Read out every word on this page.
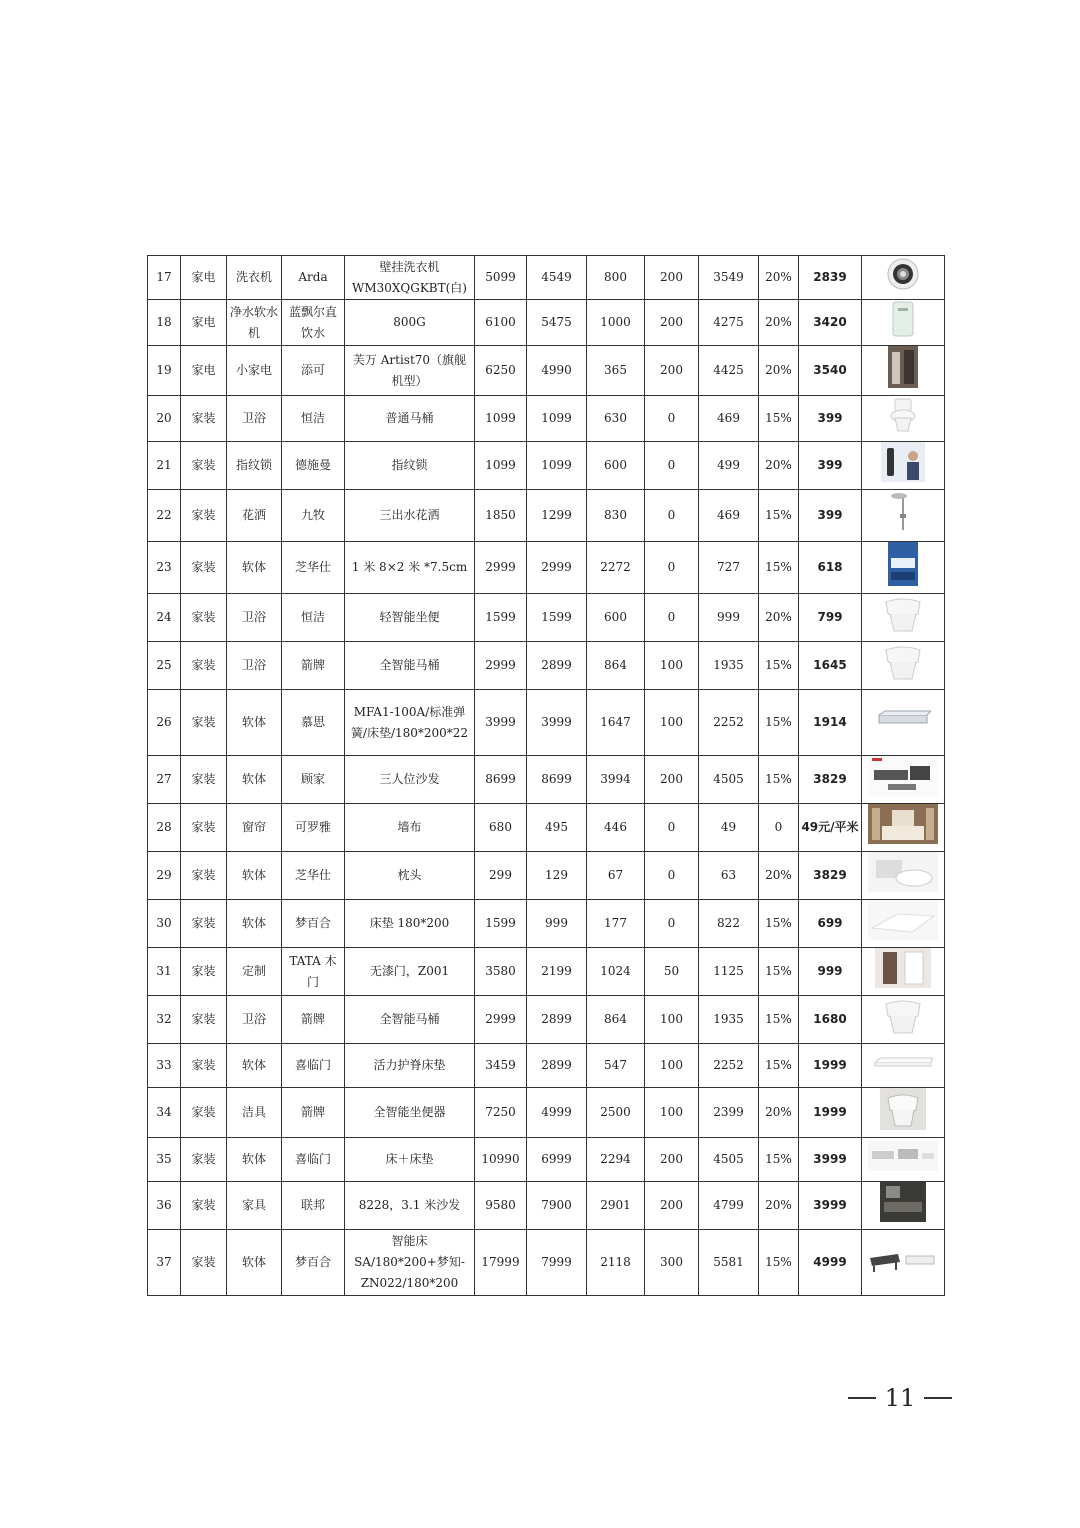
17	家电	洗衣机	Arda	壁挂洗衣机WM30XQGKBT(白)	5099	4549	800	200	3549	20%	2839	

18	家电	净水软水机	蓝飘尔直饮水	800G	6100	5475	1000	200	4275	20%	3420	

19	家电	小家电	添可	芙万 Artist70（旗舰机型）	6250	4990	365	200	4425	20%	3540	

20	家装	卫浴	恒洁	普通马桶	1099	1099	630	0	469	15%	399	

21	家装	指纹锁	德施曼	指纹锁	1099	1099	600	0	499	20%	399	

22	家装	花洒	九牧	三出水花洒	1850	1299	830	0	469	15%	399	

23	家装	软体	芝华仕	1 米 8×2 米 *7.5cm	2999	2999	2272	0	727	15%	618	

24	家装	卫浴	恒洁	轻智能坐便	1599	1599	600	0	999	20%	799	

25	家装	卫浴	箭牌	全智能马桶	2999	2899	864	100	1935	15%	1645	

26	家装	软体	慕思	MFA1-100A/标准弹簧/床垫/180*200*22	3999	3999	1647	100	2252	15%	1914	

27	家装	软体	顾家	三人位沙发	8699	8699	3994	200	4505	15%	3829	

28	家装	窗帘	可罗雅	墙布	680	495	446	0	49	0	49元/平米	

29	家装	软体	芝华仕	枕头	299	129	67	0	63	20%	3829	

30	家装	软体	梦百合	床垫 180*200	1599	999	177	0	822	15%	699	

31	家装	定制	TATA 木门	无漆门，Z001	3580	2199	1024	50	1125	15%	999	

32	家装	卫浴	箭牌	全智能马桶	2999	2899	864	100	1935	15%	1680	

33	家装	软体	喜临门	活力护脊床垫	3459	2899	547	100	2252	15%	1999	

34	家装	洁具	箭牌	全智能坐便器	7250	4999	2500	100	2399	20%	1999	

35	家装	软体	喜临门	床＋床垫	10990	6999	2294	200	4505	15%	3999	

36	家装	家具	联邦	8228，3.1 米沙发	9580	7900	2901	200	4799	20%	3999	

37	家装	软体	梦百合	智能床 SA/180*200+梦知-ZN022/180*200	17999	7999	2118	300	5581	15%	4999	
11
